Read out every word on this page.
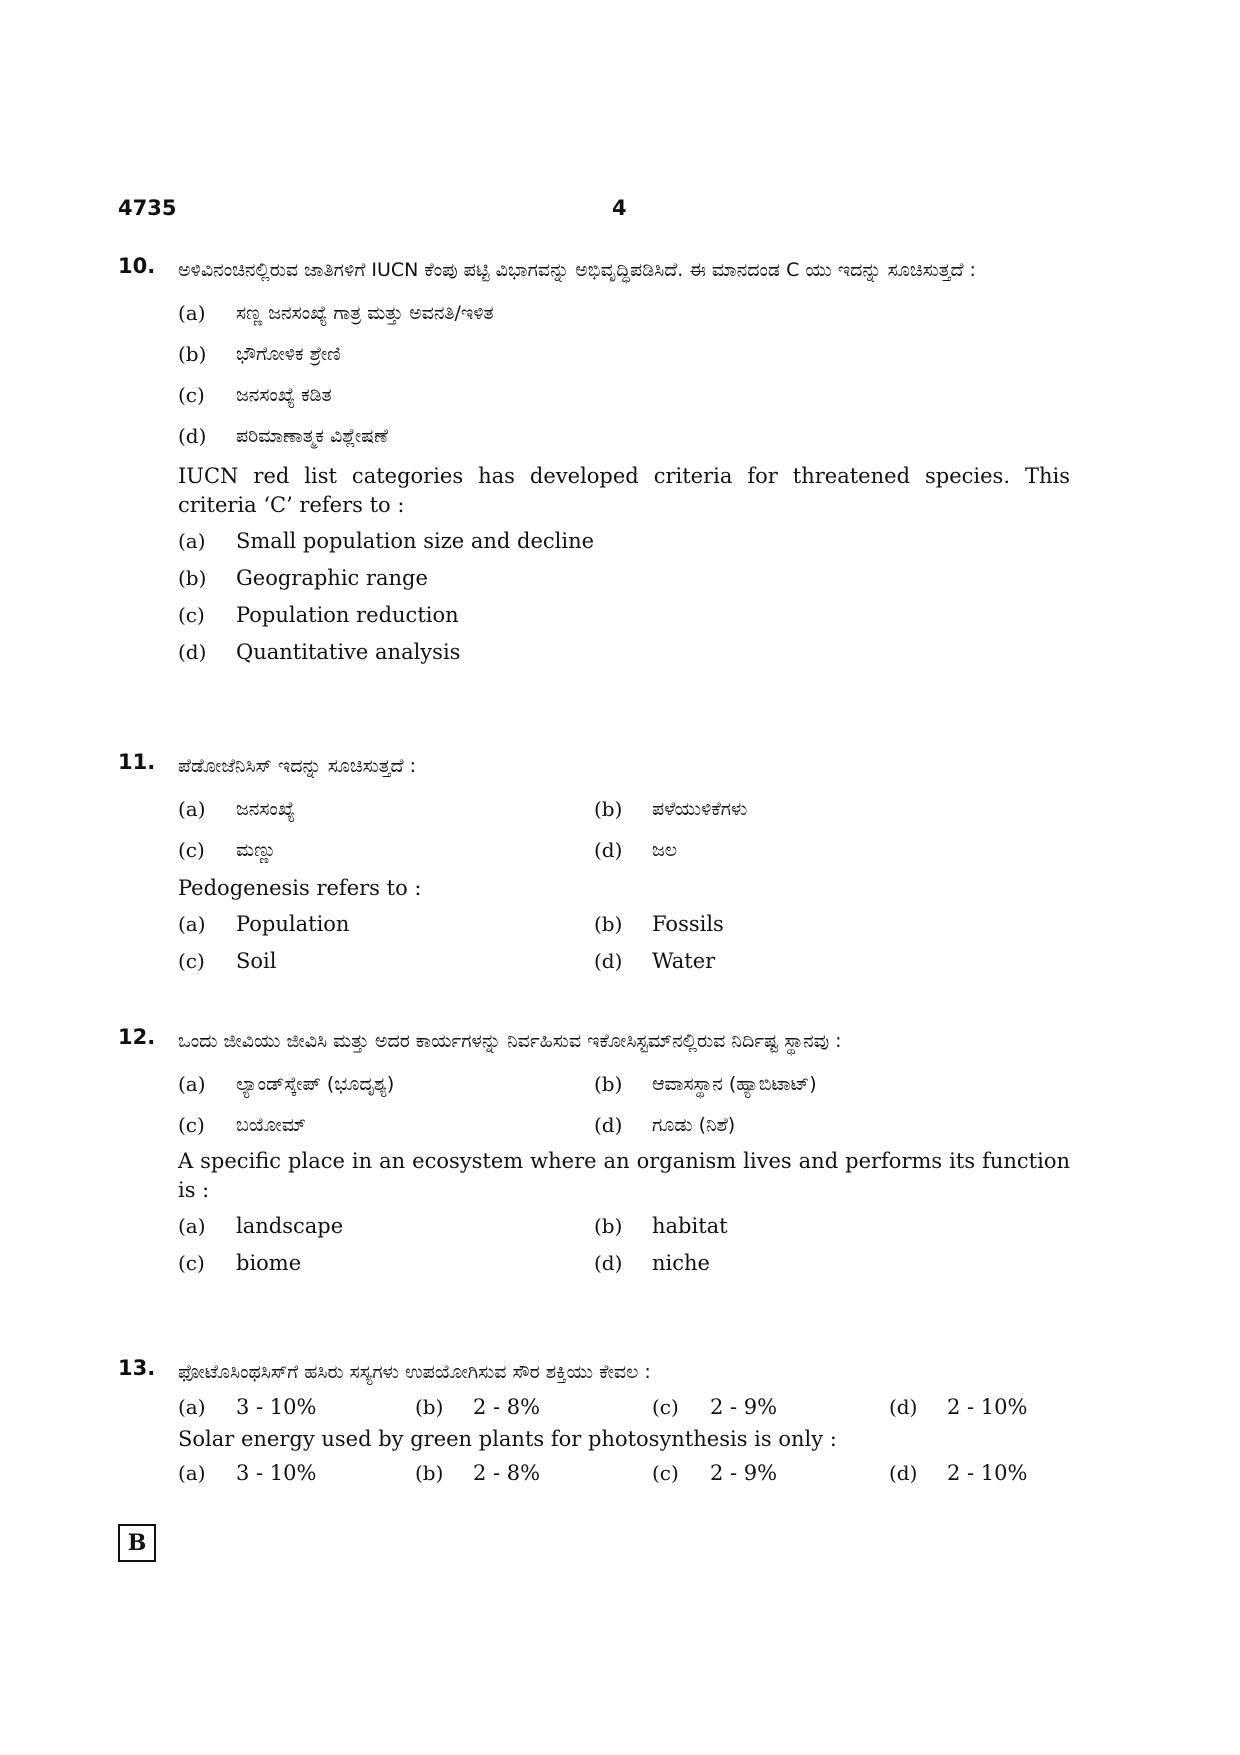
4735	4
10. ಅಳಿವಿನಂಚಿನಲ್ಲಿರುವ ಜಾತಿಗಳಿಗೆ IUCN ಕೆಂಪು ಪಟ್ಟಿ ವಿಭಾಗವನ್ನು ಅಭಿವೃದ್ಧಿಪಡಿಸಿದೆ. ಈ ಮಾನದಂಡ C ಯು ಇದನ್ನು ಸೂಚಿಸುತ್ತದೆ :

(a)	ಸಣ್ಣ ಜನಸಂಖ್ಯೆ ಗಾತ್ರ ಮತ್ತು ಅವನತಿ/ಇಳಿತ
(b)	ಭೌಗೋಳಿಕ ಶ್ರೇಣಿ
(c)	ಜನಸಂಖ್ಯೆ ಕಡಿತ
(d)	ಪರಿಮಾಣಾತ್ಮಕ ವಿಶ್ಲೇಷಣೆ

IUCN red list categories has developed criteria for threatened species. This criteria ‘C’ refers to :

(a)	Small population size and decline
(b)	Geographic range
(c)	Population reduction
(d)	Quantitative analysis
11. ಪೆಡೋಜೆನಿಸಿಸ್ ಇದನ್ನು ಸೂಚಿಸುತ್ತದೆ :

(a)	ಜನಸಂಖ್ಯೆ	(b)	ಪಳೆಯುಳಿಕೆಗಳು
(c)	ಮಣ್ಣು	(d)	ಜಲ

Pedogenesis refers to :

(a)	Population	(b)	Fossils
(c)	Soil	(d)	Water
12. ಒಂದು ಜೀವಿಯು ಜೀವಿಸಿ ಮತ್ತು ಅದರ ಕಾರ್ಯಗಳನ್ನು ನಿರ್ವಹಿಸುವ ಇಕೋಸಿಸ್ಟಮ್‌ನಲ್ಲಿರುವ ನಿರ್ದಿಷ್ಟ ಸ್ಥಾನವು :

(a)	ಲ್ಯಾಂಡ್‌ಸ್ಕೇಪ್ (ಭೂದೃಶ್ಯ)	(b)	ಆವಾಸಸ್ಥಾನ (ಹ್ಯಾಬಿಟಾಟ್)
(c)	ಬಯೋಮ್	(d)	ಗೂಡು (ನಿಶೆ)

A specific place in an ecosystem where an organism lives and performs its function is :

(a)	landscape	(b)	habitat
(c)	biome	(d)	niche
13. ಫೋಟೊಸಿಂಥಸಿಸ್‌ಗೆ ಹಸಿರು ಸಸ್ಯಗಳು ಉಪಯೋಗಿಸುವ ಸೌರ ಶಕ್ತಿಯು ಕೇವಲ :

(a)	3 - 10%	(b)	2 - 8%	(c)	2 - 9%	(d)	2 - 10%

Solar energy used by green plants for photosynthesis is only :

(a)	3 - 10%	(b)	2 - 8%	(c)	2 - 9%	(d)	2 - 10%
B
